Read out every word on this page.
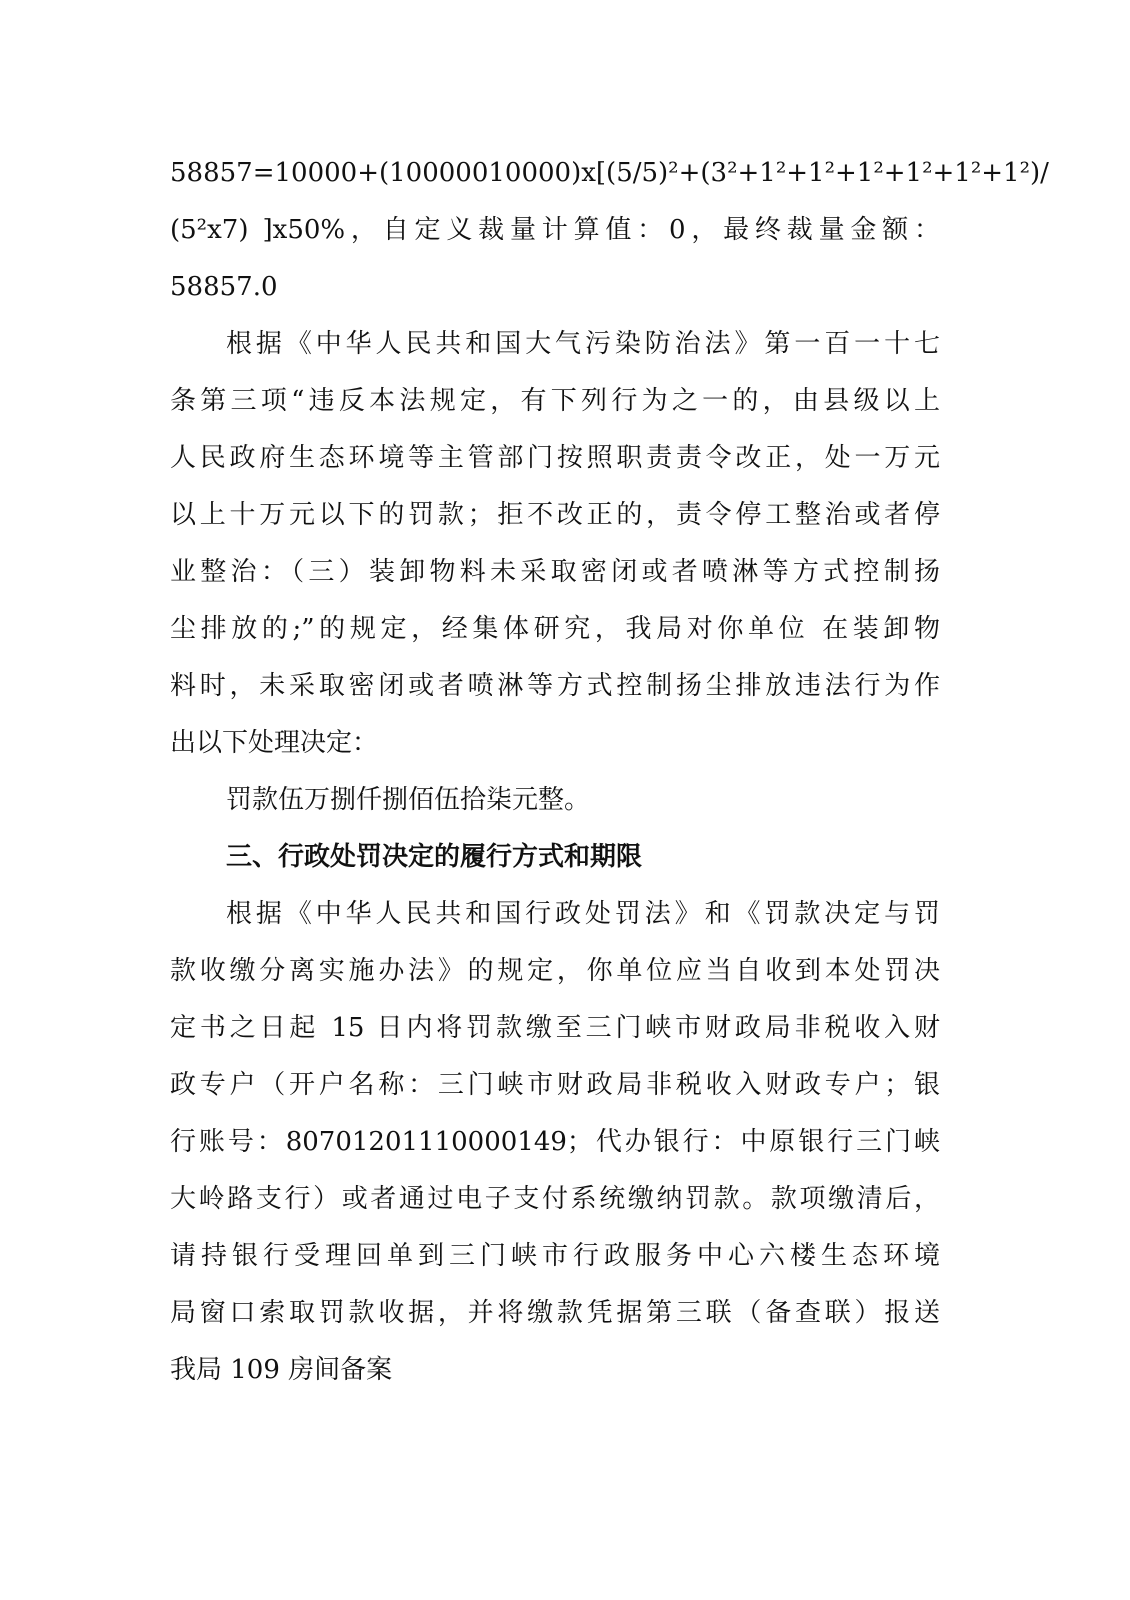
58857=10000+(10000010000)x[(5/5)²+(3²+1²+1²+1²+1²+1²+1²)/
(5²x7) ]x50%，自定义裁量计算值：0，最终裁量金额：
58857.0
根据《中华人民共和国大气污染防治法》第一百一十七
条第三项“违反本法规定，有下列行为之一的，由县级以上
人民政府生态环境等主管部门按照职责责令改正，处一万元
以上十万元以下的罚款；拒不改正的，责令停工整治或者停
业整治：（三）装卸物料未采取密闭或者喷淋等方式控制扬
尘排放的;”的规定，经集体研究，我局对你单位 在装卸物
料时，未采取密闭或者喷淋等方式控制扬尘排放违法行为作
出以下处理决定：
罚款伍万捌仟捌佰伍拾柒元整。
三、行政处罚决定的履行方式和期限
根据《中华人民共和国行政处罚法》和《罚款决定与罚
款收缴分离实施办法》的规定，你单位应当自收到本处罚决
定书之日起 15 日内将罚款缴至三门峡市财政局非税收入财
政专户（开户名称：三门峡市财政局非税收入财政专户；银
行账号：80701201110000149；代办银行：中原银行三门峡
大岭路支行）或者通过电子支付系统缴纳罚款。款项缴清后，
请持银行受理回单到三门峡市行政服务中心六楼生态环境
局窗口索取罚款收据，并将缴款凭据第三联（备查联）报送
我局 109 房间备案
